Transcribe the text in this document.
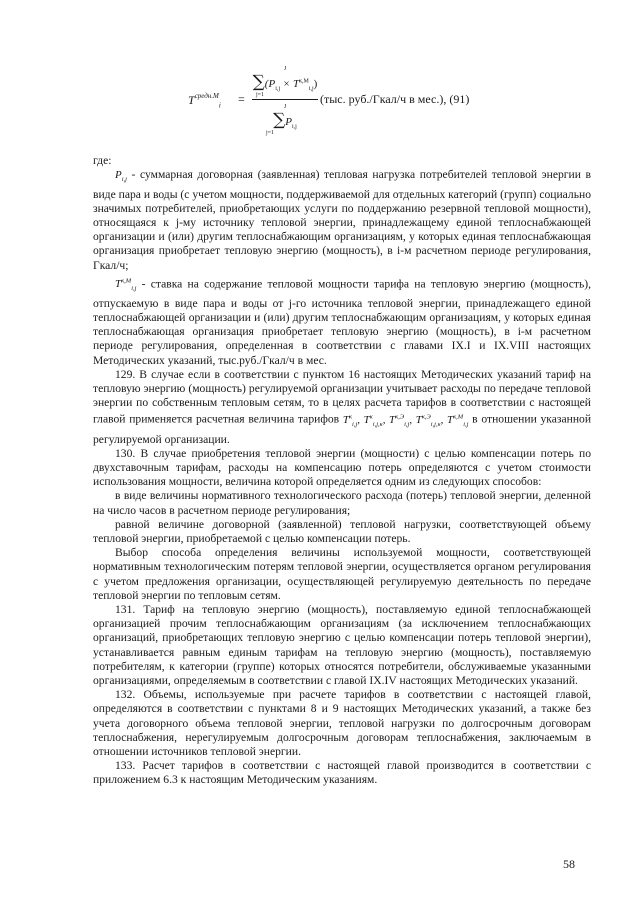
$T^{средн.М}_i$ =
J
$\sum(P_{i,j} \times T^{к,М}_{i,j})$
j=1
J
$\sum P_{i,j}$
j=1
(тыс. руб./Гкал/ч в мес.), (91)

где:

$P_{i,j}$ - суммарная договорная (заявленная) тепловая нагрузка потребителей тепловой энергии в виде пара и воды (с учетом мощности, поддерживаемой для отдельных категорий (групп) социально значимых потребителей, приобретающих услуги по поддержанию резервной тепловой мощности), относящаяся к j-му источнику тепловой энергии, принадлежащему единой теплоснабжающей организации и (или) другим теплоснабжающим организациям, у которых единая теплоснабжающая организация приобретает тепловую энергию (мощность), в i-м расчетном периоде регулирования, Гкал/ч;

$T^{к,М}_{i,j}$ - ставка на содержание тепловой мощности тарифа на тепловую энергию (мощность), отпускаемую в виде пара и воды от j-го источника тепловой энергии, принадлежащего единой теплоснабжающей организации и (или) другим теплоснабжающим организациям, у которых единая теплоснабжающая организация приобретает тепловую энергию (мощность), в i-м расчетном периоде регулирования, определенная в соответствии с главами IX.I и IX.VIII настоящих Методических указаний, тыс.руб./Гкал/ч в мес.

129. В случае если в соответствии с пунктом 16 настоящих Методических указаний тариф на тепловую энергию (мощность) регулируемой организации учитывает расходы по передаче тепловой энергии по собственным тепловым сетям, то в целях расчета тарифов в соответствии с настоящей главой применяется расчетная величина тарифов $T^к_{i,j}$, $T^к_{i,j,к}$, $T^{к,Э}_{i,j}$, $T^{к,Э}_{i,j,к}$, $T^{к,М}_{i,j}$ в отношении указанной регулируемой организации.

130. В случае приобретения тепловой энергии (мощности) с целью компенсации потерь по двухставочным тарифам, расходы на компенсацию потерь определяются с учетом стоимости использования мощности, величина которой определяется одним из следующих способов:

в виде величины нормативного технологического расхода (потерь) тепловой энергии, деленной на число часов в расчетном периоде регулирования;

равной величине договорной (заявленной) тепловой нагрузки, соответствующей объему тепловой энергии, приобретаемой с целью компенсации потерь.

Выбор способа определения величины используемой мощности, соответствующей нормативным технологическим потерям тепловой энергии, осуществляется органом регулирования с учетом предложения организации, осуществляющей регулируемую деятельность по передаче тепловой энергии по тепловым сетям.

131. Тариф на тепловую энергию (мощность), поставляемую единой теплоснабжающей организацией прочим теплоснабжающим организациям (за исключением теплоснабжающих организаций, приобретающих тепловую энергию с целью компенсации потерь тепловой энергии), устанавливается равным единым тарифам на тепловую энергию (мощность), поставляемую потребителям, к категории (группе) которых относятся потребители, обслуживаемые указанными организациями, определяемым в соответствии с главой IX.IV настоящих Методических указаний.

132. Объемы, используемые при расчете тарифов в соответствии с настоящей главой, определяются в соответствии с пунктами 8 и 9 настоящих Методических указаний, а также без учета договорного объема тепловой энергии, тепловой нагрузки по долгосрочным договорам теплоснабжения, нерегулируемым долгосрочным договорам теплоснабжения, заключаемым в отношении источников тепловой энергии.

133. Расчет тарифов в соответствии с настоящей главой производится в соответствии с приложением 6.3 к настоящим Методическим указаниям.

58
